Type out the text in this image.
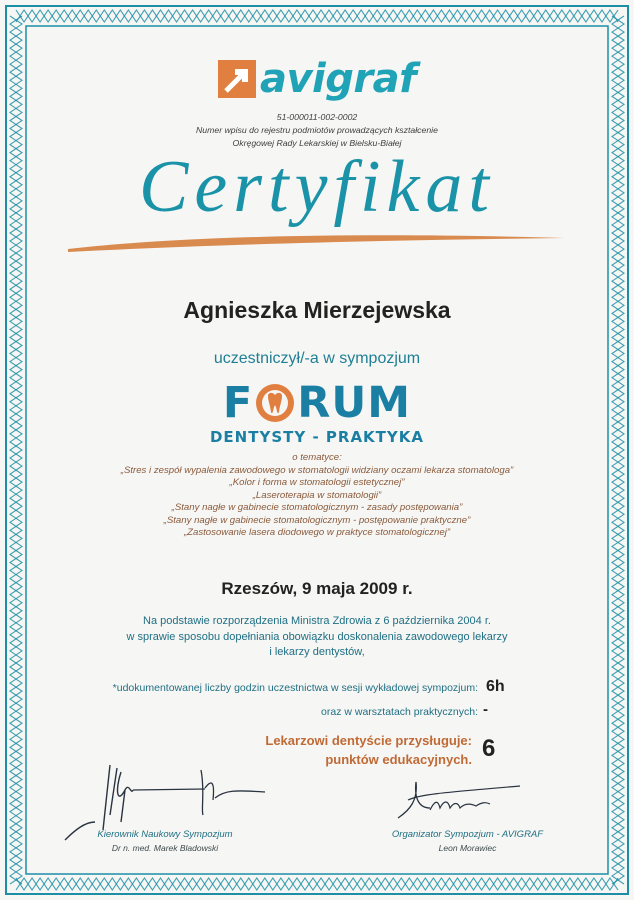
avigraf
51-000011-002-0002
Numer wpisu do rejestru podmiotów prowadzących kształcenie
Okręgowej Rady Lekarskiej w Bielsku-Białej
Certyfikat
Agnieszka Mierzejewska
uczestniczył/-a w sympozjum
F RUM
DENTYSTY - PRAKTYKA
o tematyce:
„Stres i zespół wypalenia zawodowego w stomatologii widziany oczami lekarza stomatologa”
„Kolor i forma w stomatologii estetycznej”
„Laseroterapia w stomatologii”
„Stany nagłe w gabinecie stomatologicznym - zasady postępowania”
„Stany nagłe w gabinecie stomatologicznym - postępowanie praktyczne”
„Zastosowanie lasera diodowego w praktyce stomatologicznej”
Rzeszów, 9 maja 2009 r.
Na podstawie rozporządzenia Ministra Zdrowia z 6 października 2004 r.
w sprawie sposobu dopełniania obowiązku doskonalenia zawodowego lekarzy
i lekarzy dentystów,
*udokumentowanej liczby godzin uczestnictwa w sesji wykładowej sympozjum: 6h
oraz w warsztatach praktycznych: -
Lekarzowi dentyście przysługuje:
punktów edukacyjnych. 6
Kierownik Naukowy Sympozjum
Dr n. med. Marek Bladowski
Organizator Sympozjum - AVIGRAF
Leon Morawiec
